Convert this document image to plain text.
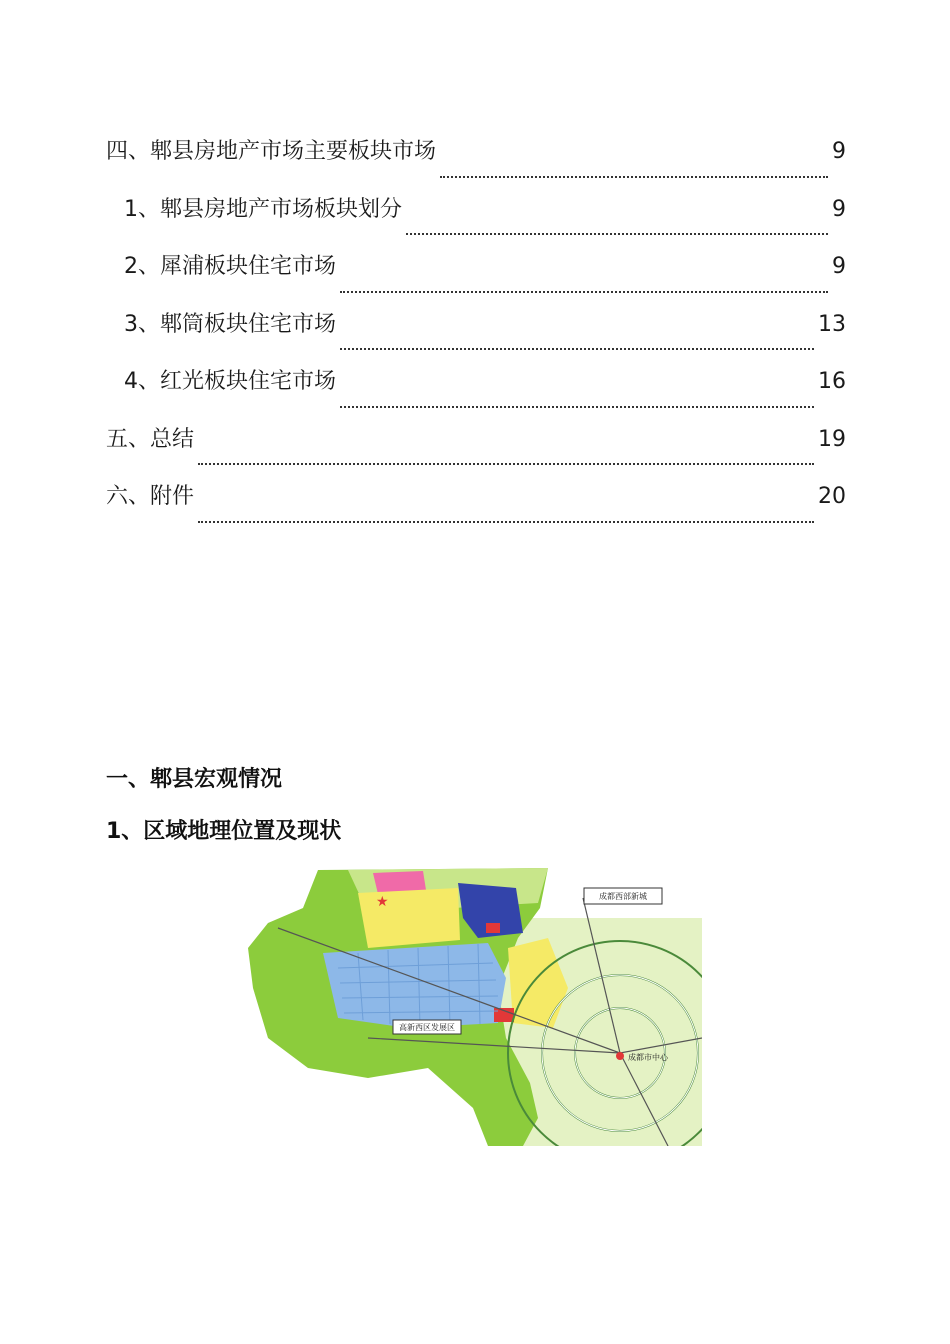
四、郫县房地产市场主要板块市场	9
1、郫县房地产市场板块划分	9
2、犀浦板块住宅市场	9
3、郫筒板块住宅市场	13
4、红光板块住宅市场	16
五、总结	19
六、附件	20
一、郫县宏观情况
1、区域地理位置及现状
成都西部新城
高新西区发展区
成都市中心
★
